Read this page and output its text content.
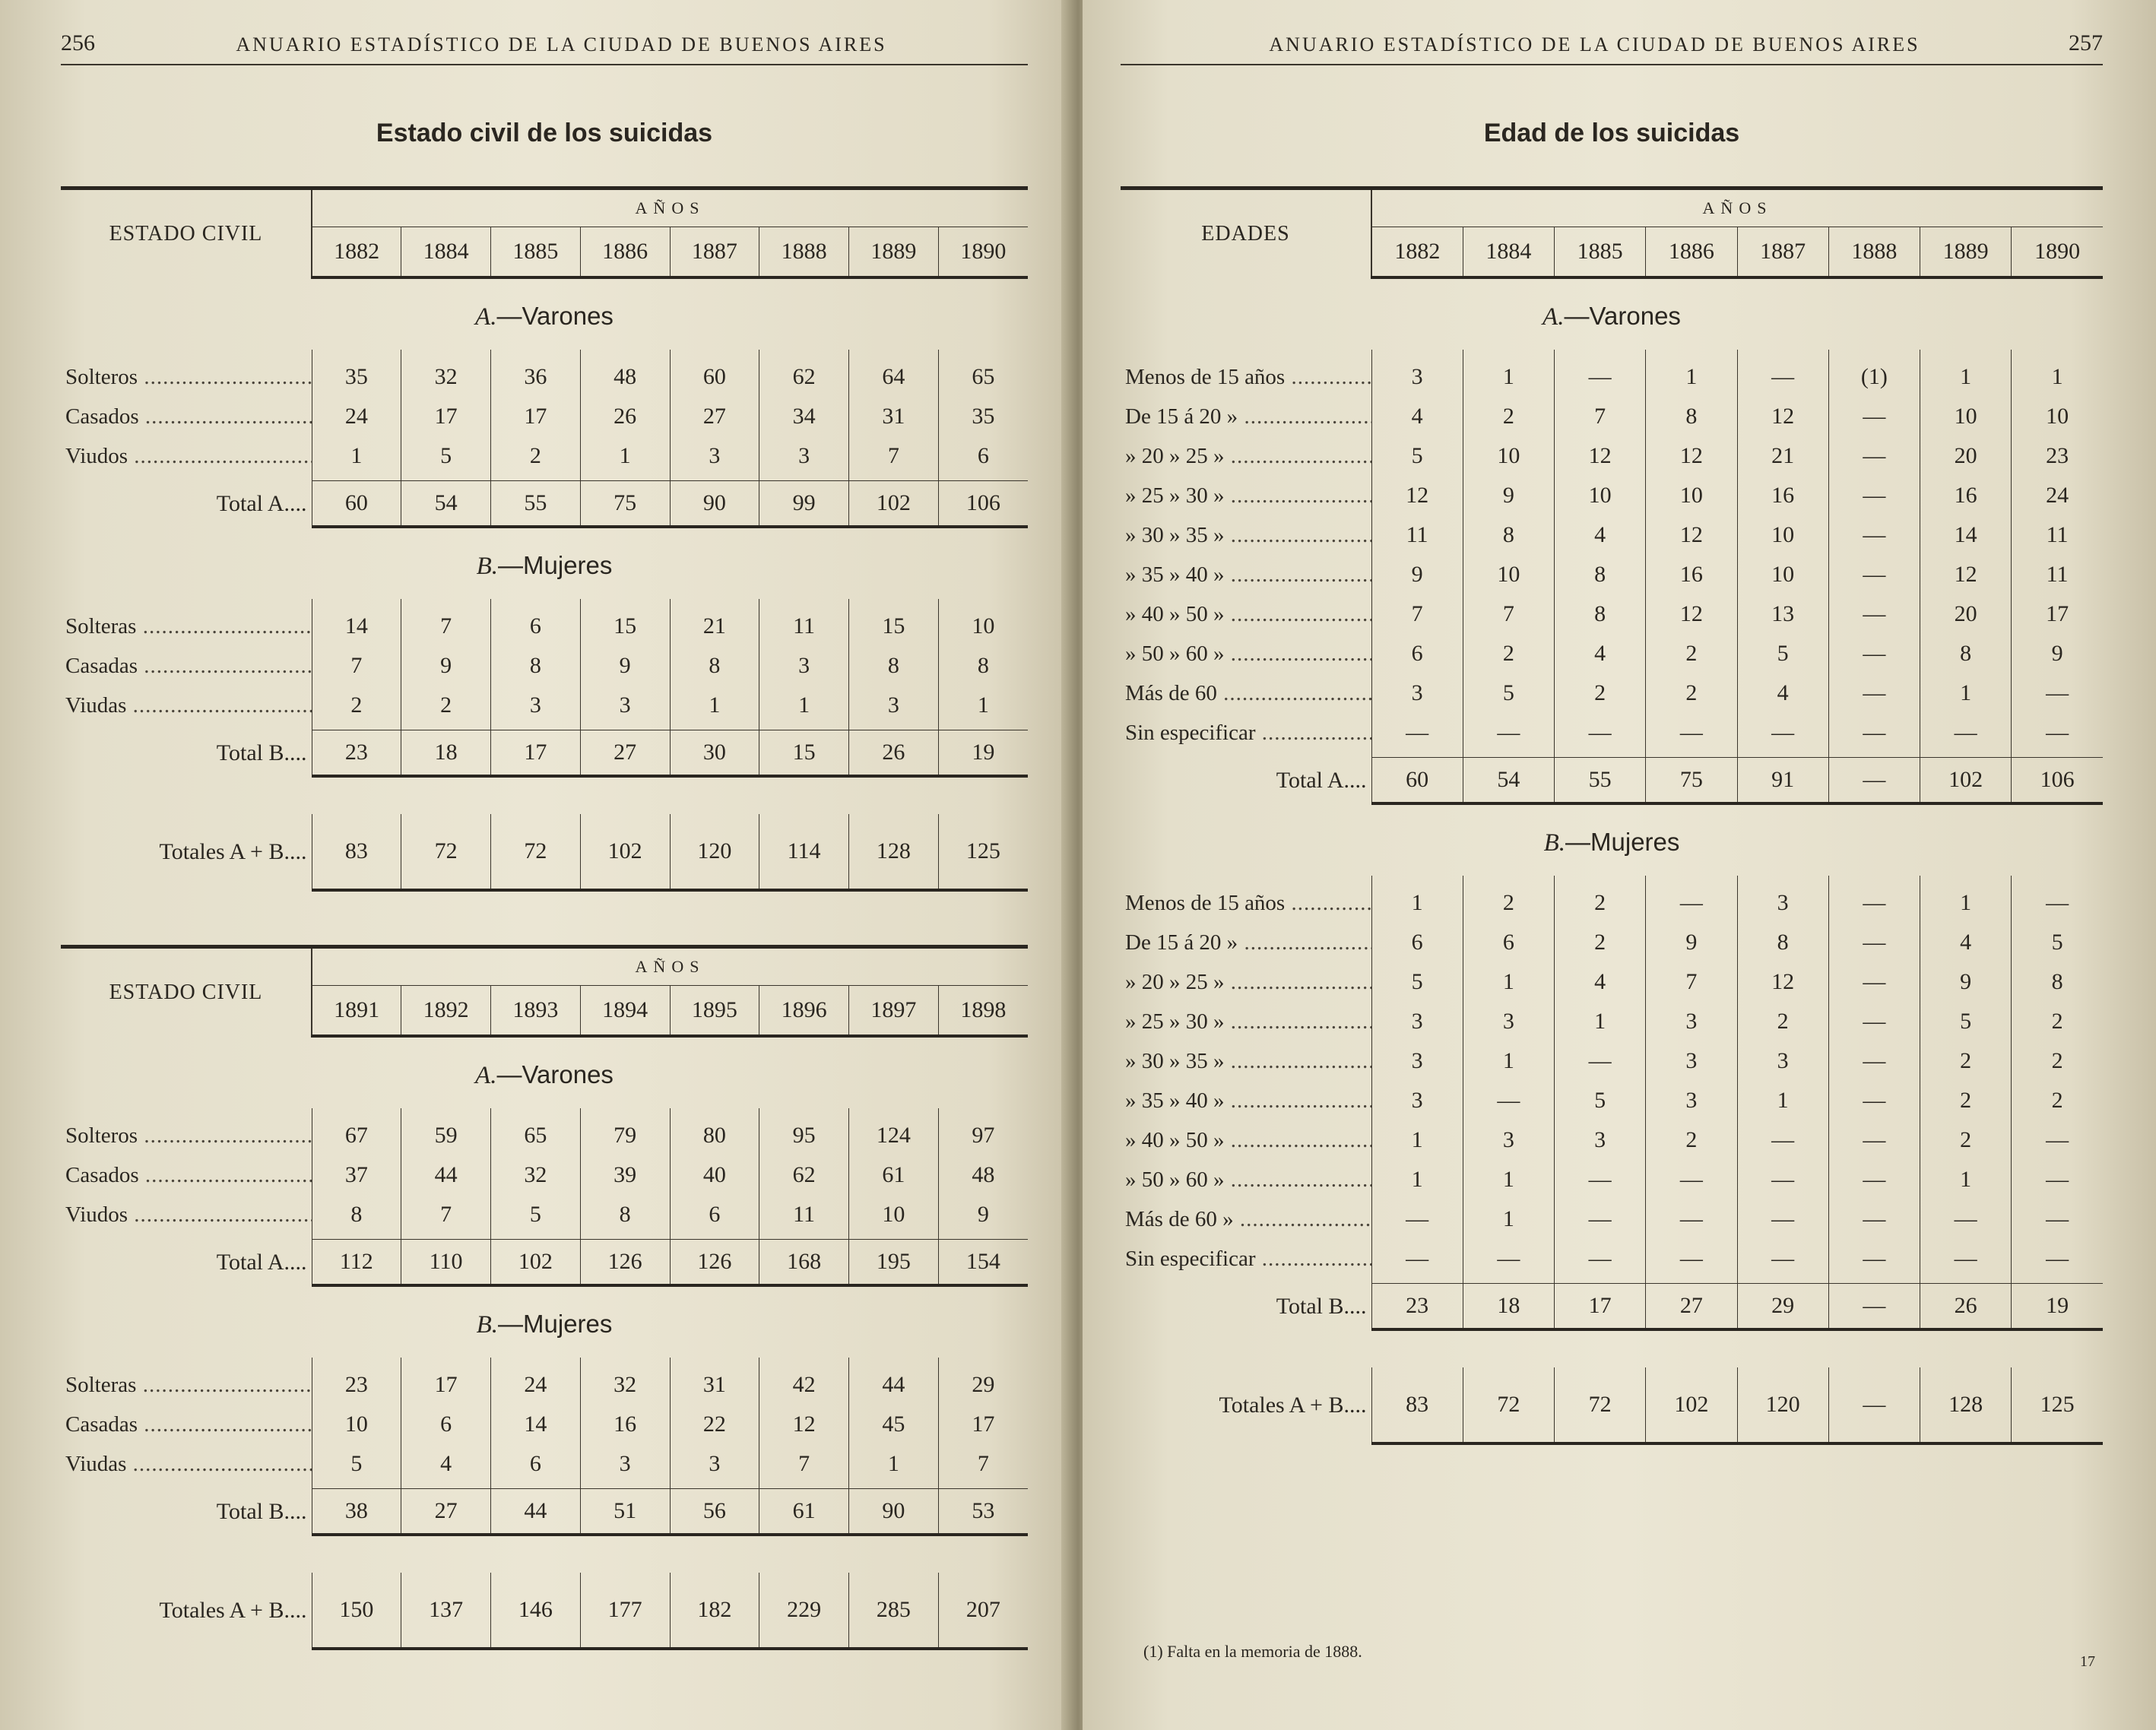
256	ANUARIO ESTADÍSTICO DE LA CIUDAD DE BUENOS AIRES
Estado civil de los suicidas
ESTADO CIVIL	AÑOS							
	1882	1884	1885	1886	1887	1888	1889	1890
A.—Varones								
Solteros .....	35	32	36	48	60	62	64	65
Casados .....	24	17	17	26	27	34	31	35
Viudos .....	1	5	2	1	3	3	7	6
Total A ....	60	54	55	75	90	99	102	106
B.—Mujeres								
Solteras .....	14	7	6	15	21	11	15	10
Casadas .....	7	9	8	9	8	3	8	8
Viudas .....	2	2	3	3	1	1	3	1
Total B ....	23	18	17	27	30	15	26	19

Totales A + B ....	83	72	72	102	120	114	128	125
ESTADO CIVIL	AÑOS							
	1891	1892	1893	1894	1895	1896	1897	1898
A.—Varones								
Solteros .....	67	59	65	79	80	95	124	97
Casados .....	37	44	32	39	40	62	61	48
Viudos .....	8	7	5	8	6	11	10	9
Total A ....	112	110	102	126	126	168	195	154
B.—Mujeres								
Solteras .....	23	17	24	32	31	42	44	29
Casadas .....	10	6	14	16	22	12	45	17
Viudas .....	5	4	6	3	3	7	1	7
Total B ....	38	27	44	51	56	61	90	53

Totales A + B ....	150	137	146	177	182	229	285	207
ANUARIO ESTADÍSTICO DE LA CIUDAD DE BUENOS AIRES	257
Edad de los suicidas
EDADES	AÑOS							
	1882	1884	1885	1886	1887	1888	1889	1890
A.—Varones								
Menos de 15 años .....	3	1	—	1	—	(1)	1	1
De 15 á 20 » .....	4	2	7	8	12	—	10	10
» 20 » 25 » .....	5	10	12	12	21	—	20	23
» 25 » 30 » .....	12	9	10	10	16	—	16	24
» 30 » 35 » .....	11	8	4	12	10	—	14	11
» 35 » 40 » .....	9	10	8	16	10	—	12	11
» 40 » 50 » .....	7	7	8	12	13	—	20	17
» 50 » 60 » .....	6	2	4	2	5	—	8	9
Más de 60 .....	3	5	2	2	4	—	1	—
Sin especificar .....	—	—	—	—	—	—	—	—
Total A ....	60	54	55	75	91	—	102	106
B.—Mujeres								
Menos de 15 años .....	1	2	2	—	3	—	1	—
De 15 á 20 » .....	6	6	2	9	8	—	4	5
» 20 » 25 » .....	5	1	4	7	12	—	9	8
» 25 » 30 » .....	3	3	1	3	2	—	5	2
» 30 » 35 » .....	3	1	—	3	3	—	2	2
» 35 » 40 » .....	3	—	5	3	1	—	2	2
» 40 » 50 » .....	1	3	3	2	—	—	2	—
» 50 » 60 » .....	1	1	—	—	—	—	1	—
Más de 60 » .....	—	1	—	—	—	—	—	—
Sin especificar .....	—	—	—	—	—	—	—	—
Total B ....	23	18	17	27	29	—	26	19

Totales A + B ....	83	72	72	102	120	—	128	125
(1) Falta en la memoria de 1888.
17
